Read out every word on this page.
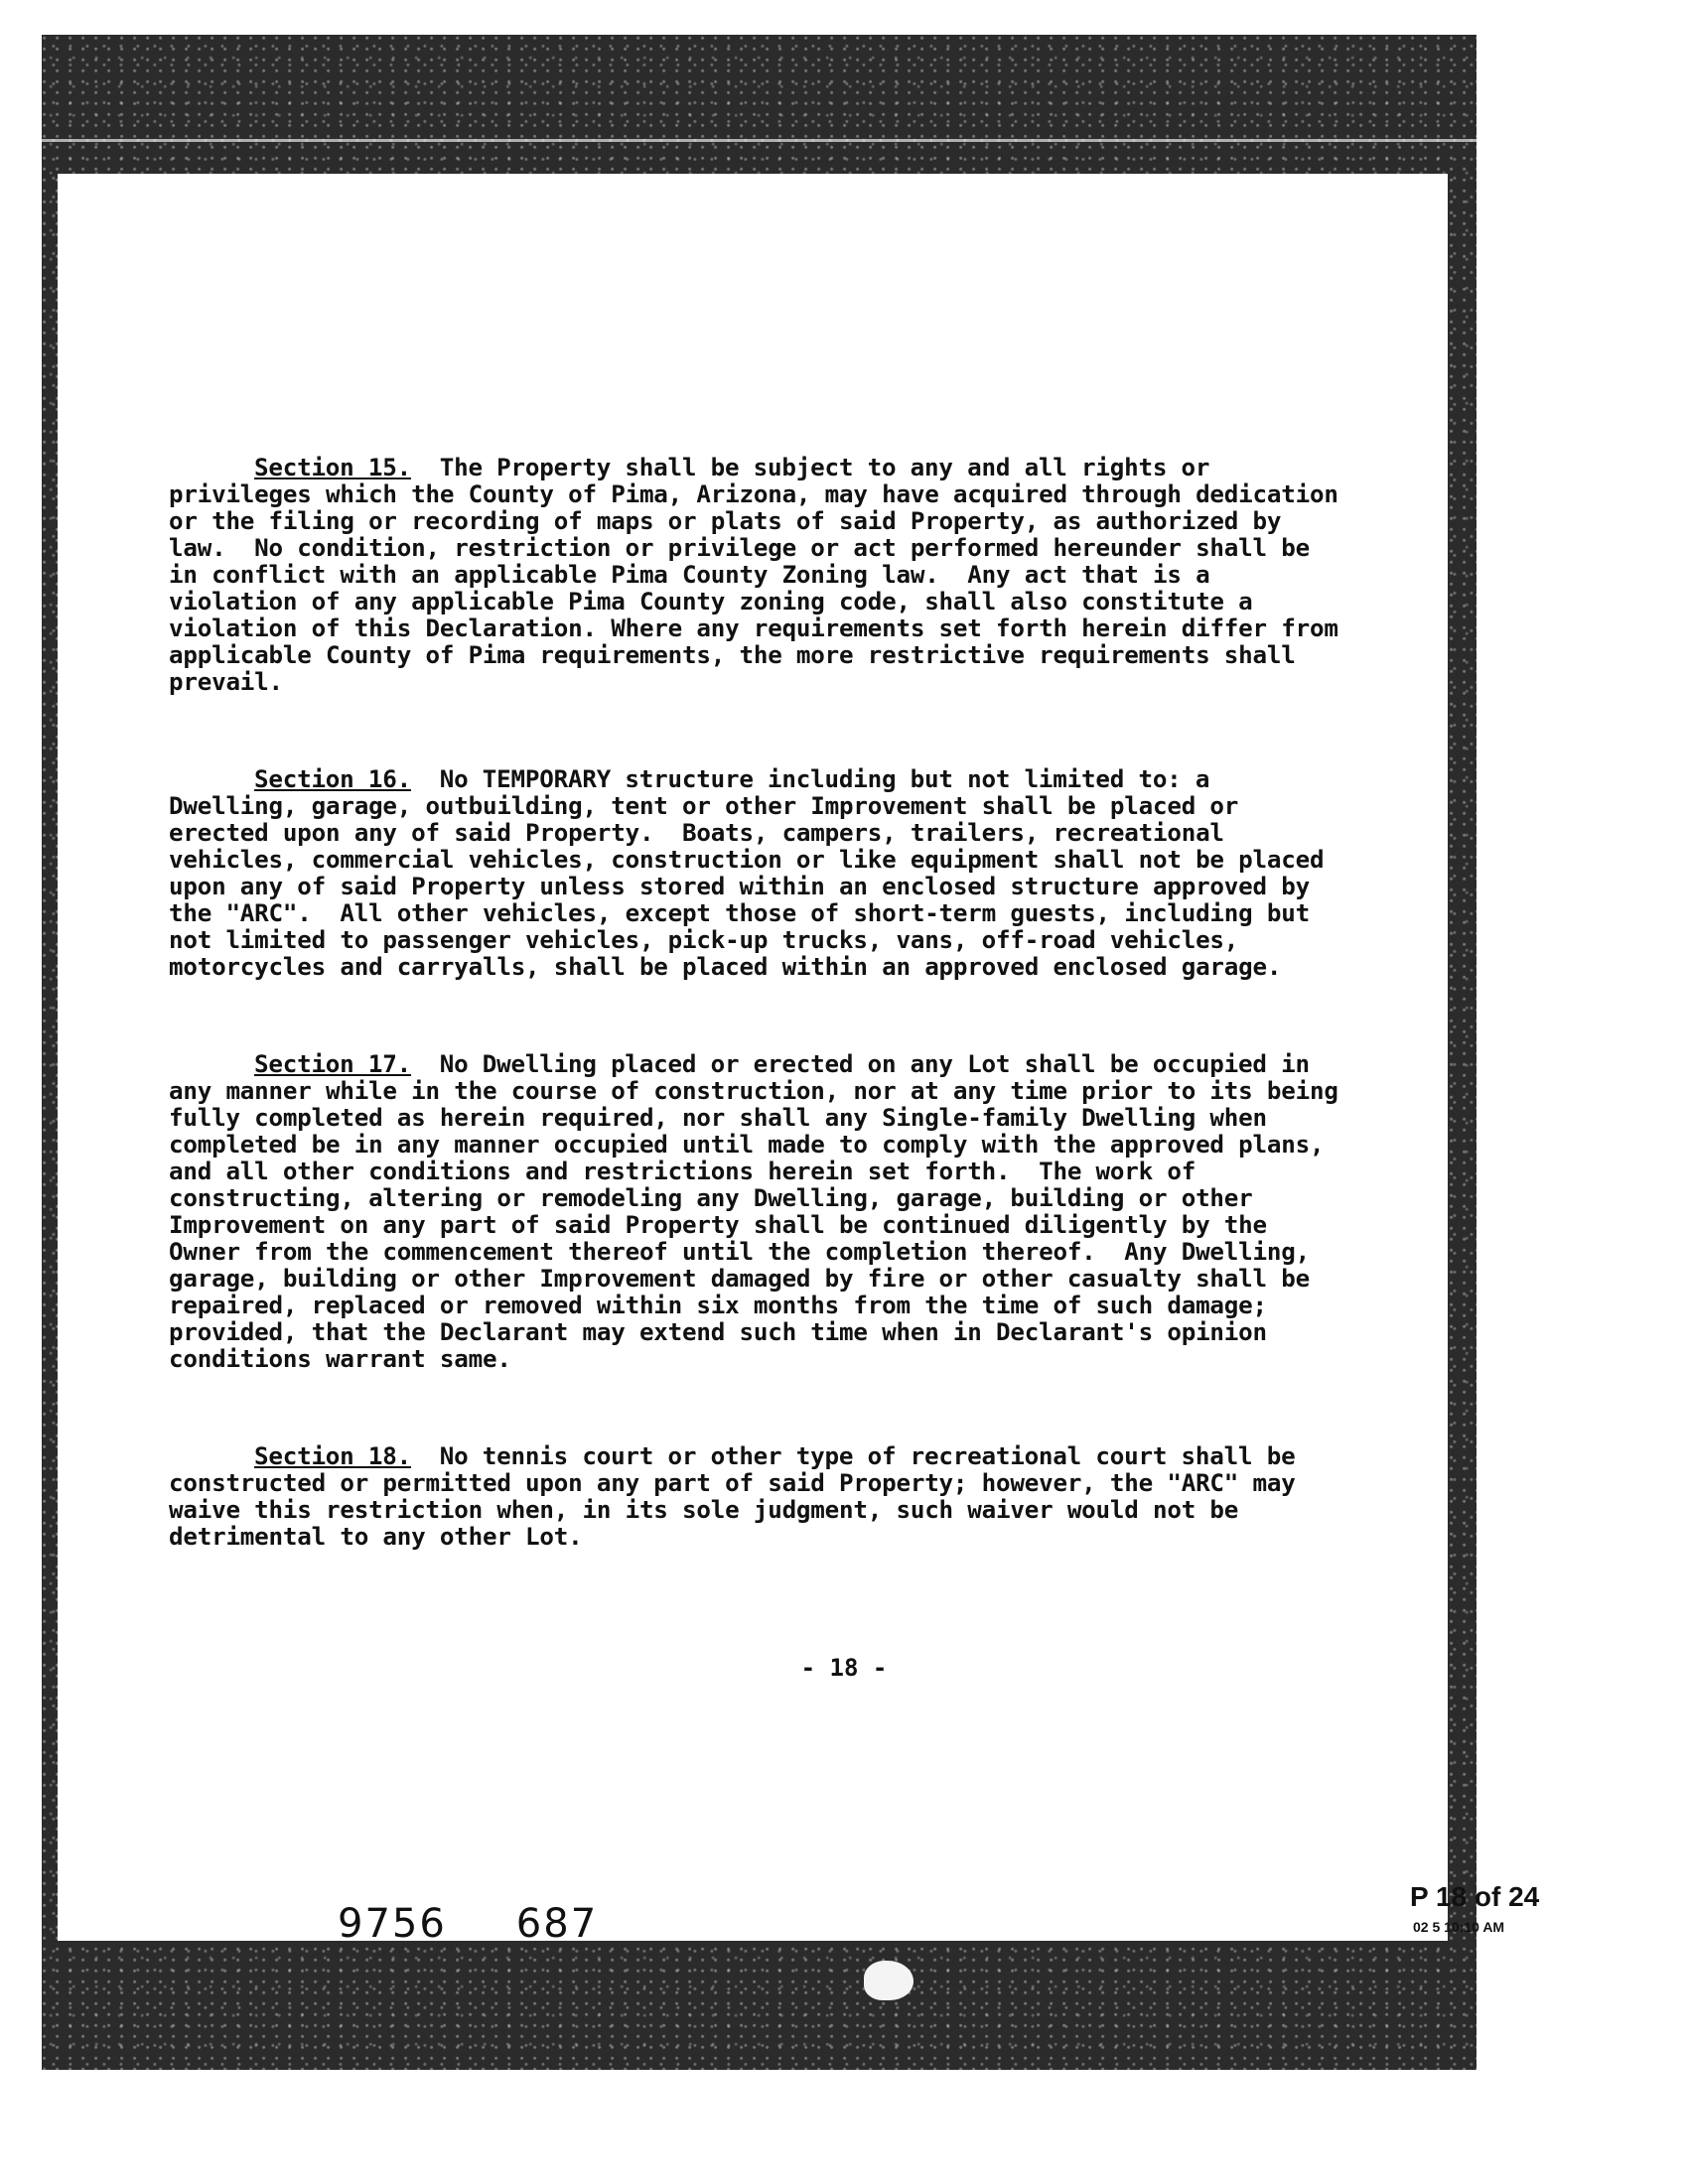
Section 15. The Property shall be subject to any and all rights or privileges which the County of Pima, Arizona, may have acquired through dedication or the filing or recording of maps or plats of said Property, as authorized by law.  No condition, restriction or privilege or act performed hereunder shall be in conflict with an applicable Pima County Zoning law.  Any act that is a violation of any applicable Pima County zoning code, shall also constitute a violation of this Declaration. Where any requirements set forth herein differ from applicable County of Pima requirements, the more restrictive requirements shall prevail.

Section 16. No TEMPORARY structure including but not limited to: a Dwelling, garage, outbuilding, tent or other Improvement shall be placed or erected upon any of said Property.  Boats, campers, trailers, recreational vehicles, commercial vehicles, construction or like equipment shall not be placed upon any of said Property unless stored within an enclosed structure approved by the "ARC".  All other vehicles, except those of short-term guests, including but not limited to passenger vehicles, pick-up trucks, vans, off-road vehicles, motorcycles and carryalls, shall be placed within an approved enclosed garage.

Section 17. No Dwelling placed or erected on any Lot shall be occupied in any manner while in the course of construction, nor at any time prior to its being fully completed as herein required, nor shall any Single-family Dwelling when completed be in any manner occupied until made to comply with the approved plans, and all other conditions and restrictions herein set forth.  The work of constructing, altering or remodeling any Dwelling, garage, building or other Improvement on any part of said Property shall be continued diligently by the Owner from the commencement thereof until the completion thereof.  Any Dwelling, garage, building or other Improvement damaged by fire or other casualty shall be repaired, replaced or removed within six months from the time of such damage; provided, that the Declarant may extend such time when in Declarant's opinion conditions warrant same.

Section 18. No tennis court or other type of recreational court shall be constructed or permitted upon any part of said Property; however, the "ARC" may waive this restriction when, in its sole judgment, such waiver would not be detrimental to any other Lot.

- 18 -
9756 687
P 18 of 24
02 5 10:10 AM
